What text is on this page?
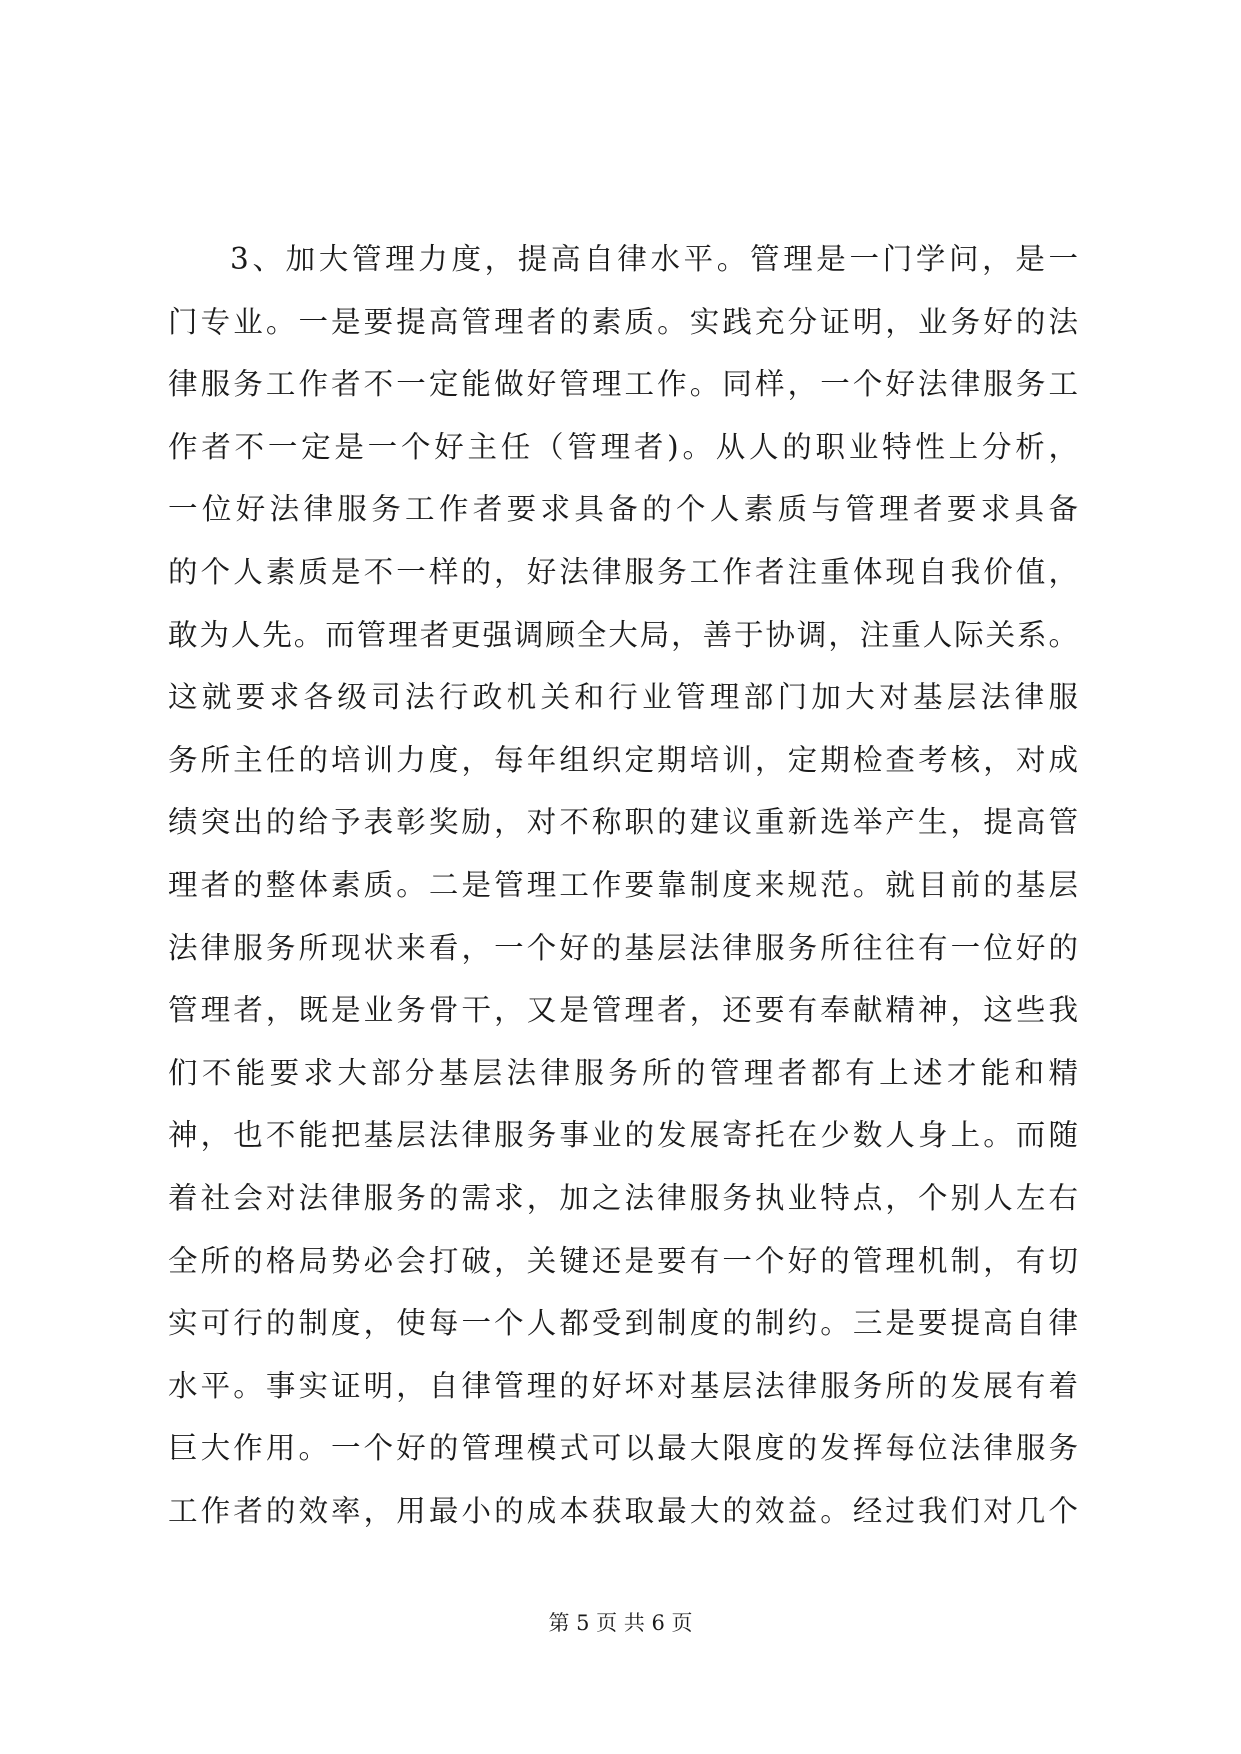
3、加大管理力度，提高自律水平。管理是一门学问，是一
门专业。一是要提高管理者的素质。实践充分证明，业务好的法
律服务工作者不一定能做好管理工作。同样，一个好法律服务工
作者不一定是一个好主任（管理者)。从人的职业特性上分析，
一位好法律服务工作者要求具备的个人素质与管理者要求具备
的个人素质是不一样的，好法律服务工作者注重体现自我价值，
敢为人先。而管理者更强调顾全大局，善于协调，注重人际关系。
这就要求各级司法行政机关和行业管理部门加大对基层法律服
务所主任的培训力度，每年组织定期培训，定期检查考核，对成
绩突出的给予表彰奖励，对不称职的建议重新选举产生，提高管
理者的整体素质。二是管理工作要靠制度来规范。就目前的基层
法律服务所现状来看，一个好的基层法律服务所往往有一位好的
管理者，既是业务骨干，又是管理者，还要有奉献精神，这些我
们不能要求大部分基层法律服务所的管理者都有上述才能和精
神，也不能把基层法律服务事业的发展寄托在少数人身上。而随
着社会对法律服务的需求，加之法律服务执业特点，个别人左右
全所的格局势必会打破，关键还是要有一个好的管理机制，有切
实可行的制度，使每一个人都受到制度的制约。三是要提高自律
水平。事实证明，自律管理的好坏对基层法律服务所的发展有着
巨大作用。一个好的管理模式可以最大限度的发挥每位法律服务
工作者的效率，用最小的成本获取最大的效益。经过我们对几个
第 5 页 共 6 页
